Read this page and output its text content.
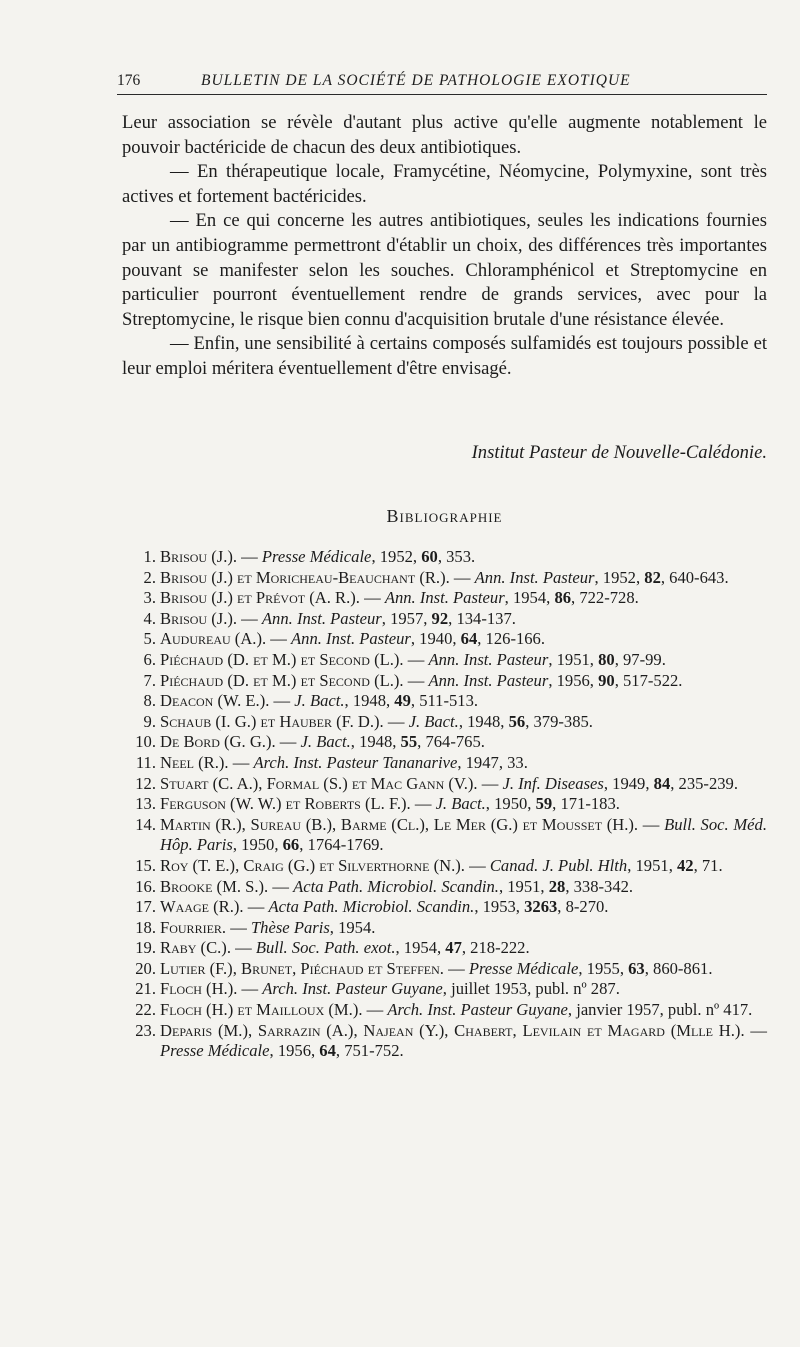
176	BULLETIN DE LA SOCIÉTÉ DE PATHOLOGIE EXOTIQUE

Leur association se révèle d'autant plus active qu'elle augmente notablement le pouvoir bactéricide de chacun des deux antibiotiques.

— En thérapeutique locale, Framycétine, Néomycine, Polymyxine, sont très actives et fortement bactéricides.

— En ce qui concerne les autres antibiotiques, seules les indications fournies par un antibiogramme permettront d'établir un choix, des différences très importantes pouvant se manifester selon les souches. Chloramphénicol et Streptomycine en particulier pourront éventuellement rendre de grands services, avec pour la Streptomycine, le risque bien connu d'acquisition brutale d'une résistance élevée.

— Enfin, une sensibilité à certains composés sulfamidés est toujours possible et leur emploi méritera éventuellement d'être envisagé.

Institut Pasteur de Nouvelle-Calédonie.
Bibliographie

1. Brisou (J.). — Presse Médicale, 1952, 60, 353.

2. Brisou (J.) et Moricheau-Beauchant (R.). — Ann. Inst. Pasteur, 1952, 82, 640-643.

3. Brisou (J.) et Prévot (A. R.). — Ann. Inst. Pasteur, 1954, 86, 722-728.

4. Brisou (J.). — Ann. Inst. Pasteur, 1957, 92, 134-137.

5. Audureau (A.). — Ann. Inst. Pasteur, 1940, 64, 126-166.

6. Piéchaud (D. et M.) et Second (L.). — Ann. Inst. Pasteur, 1951, 80, 97-99.

7. Piéchaud (D. et M.) et Second (L.). — Ann. Inst. Pasteur, 1956, 90, 517-522.

8. Deacon (W. E.). — J. Bact., 1948, 49, 511-513.

9. Schaub (I. G.) et Hauber (F. D.). — J. Bact., 1948, 56, 379-385.

10. De Bord (G. G.). — J. Bact., 1948, 55, 764-765.

11. Neel (R.). — Arch. Inst. Pasteur Tananarive, 1947, 33.

12. Stuart (C. A.), Formal (S.) et Mac Gann (V.). — J. Inf. Diseases, 1949, 84, 235-239.

13. Ferguson (W. W.) et Roberts (L. F.). — J. Bact., 1950, 59, 171-183.

14. Martin (R.), Sureau (B.), Barme (Cl.), Le Mer (G.) et Mousset (H.). — Bull. Soc. Méd. Hôp. Paris, 1950, 66, 1764-1769.

15. Roy (T. E.), Craig (G.) et Silverthorne (N.). — Canad. J. Publ. Hlth, 1951, 42, 71.

16. Brooke (M. S.). — Acta Path. Microbiol. Scandin., 1951, 28, 338-342.

17. Waage (R.). — Acta Path. Microbiol. Scandin., 1953, 3263, 8-270.

18. Fourrier. — Thèse Paris, 1954.

19. Raby (C.). — Bull. Soc. Path. exot., 1954, 47, 218-222.

20. Lutier (F.), Brunet, Piéchaud et Steffen. — Presse Médicale, 1955, 63, 860-861.

21. Floch (H.). — Arch. Inst. Pasteur Guyane, juillet 1953, publ. nº 287.

22. Floch (H.) et Mailloux (M.). — Arch. Inst. Pasteur Guyane, janvier 1957, publ. nº 417.

23. Deparis (M.), Sarrazin (A.), Najean (Y.), Chabert, Levilain et Magard (Mlle H.). — Presse Médicale, 1956, 64, 751-752.
